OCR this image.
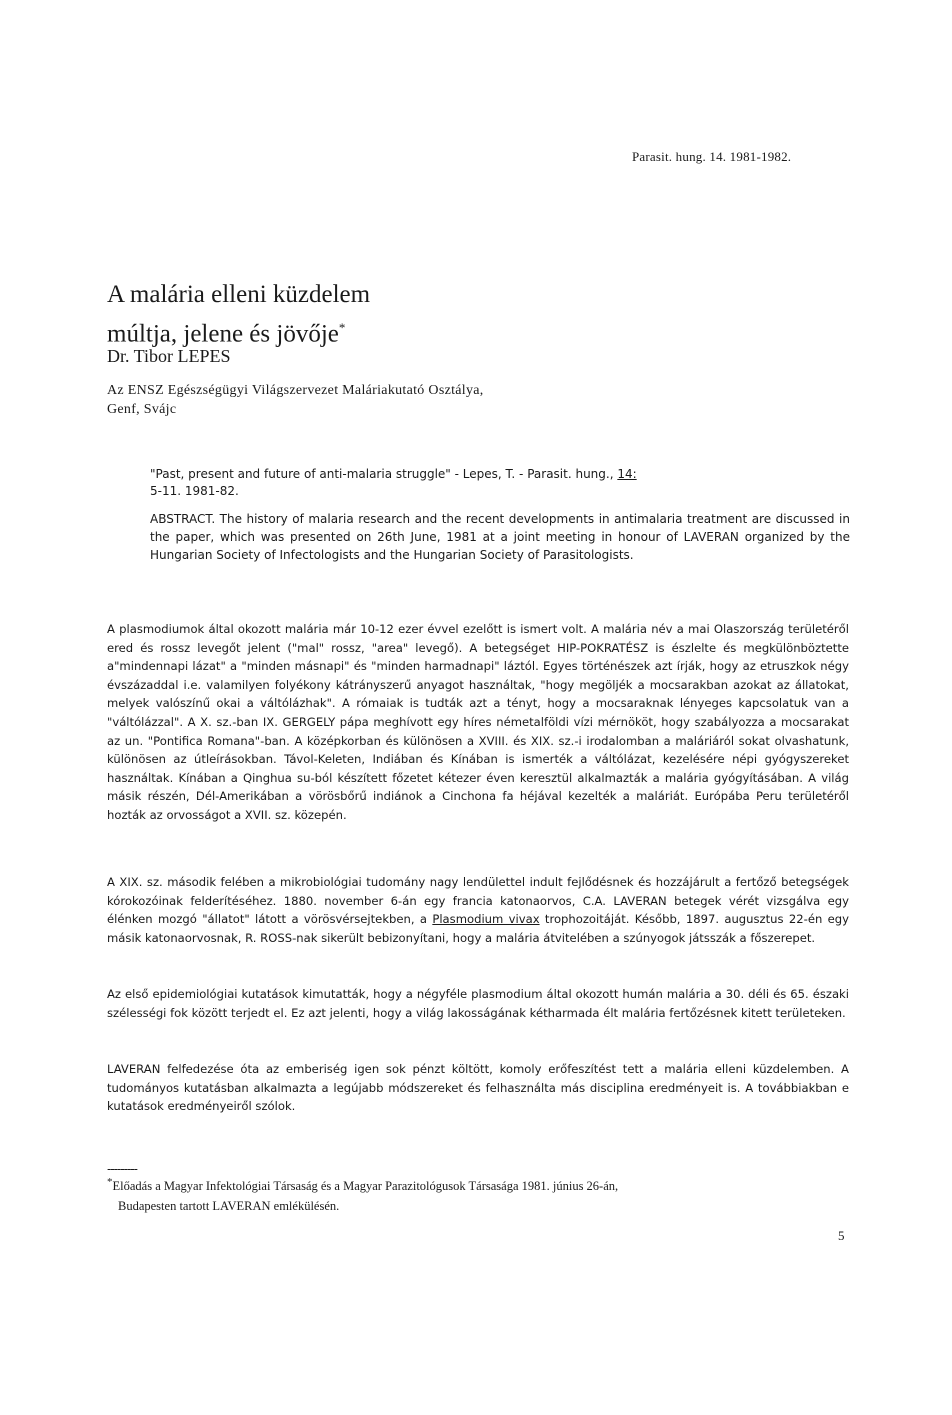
Parasit. hung. 14. 1981-1982.
A malária elleni küzdelem
múltja, jelene és jövője*
Dr. Tibor LEPES
Az ENSZ Egészségügyi Világszervezet Maláriakutató Osztálya,
Genf, Svájc
"Past, present and future of anti-malaria struggle" - Lepes, T. - Parasit. hung., 14:
5-11. 1981-82.
ABSTRACT. The history of malaria research and the recent developments in antimalaria treatment are discussed in the paper, which was presented on 26th June, 1981 at a joint meeting in honour of LAVERAN organized by the Hungarian Society of Infectologists and the Hungarian Society of Parasitologists.
A plasmodiumok által okozott malária már 10-12 ezer évvel ezelőtt is ismert volt. A malária név a mai Olaszország területéről ered és rossz levegőt jelent ("mal" rossz, "area" levegő). A betegséget HIP-POKRATÉSZ is észlelte és megkülönböztette a"mindennapi lázat" a "minden másnapi" és "minden harmadnapi" láztól. Egyes történészek azt írják, hogy az etruszkok négy évszázaddal i.e. valamilyen folyékony kátrányszerű anyagot használtak, "hogy megöljék a mocsarakban azokat az állatokat, melyek valószínű okai a váltólázhak". A rómaiak is tudták azt a tényt, hogy a mocsaraknak lényeges kapcsolatuk van a "váltólázzal". A X. sz.-ban IX. GERGELY pápa meghívott egy híres németalföldi vízi mérnököt, hogy szabályozza a mocsarakat az un. "Pontifica Romana"-ban. A középkorban és különösen a XVIII. és XIX. sz.-i irodalomban a maláriáról sokat olvashatunk, különösen az útleírásokban. Távol-Keleten, Indiában és Kínában is ismerték a váltólázat, kezelésére népi gyógyszereket használtak. Kínában a Qinghua su-ból készített főzetet kétezer éven keresztül alkalmazták a malária gyógyításában. A világ másik részén, Dél-Amerikában a vörösbőrű indiánok a Cinchona fa héjával kezelték a maláriát. Európába Peru területéről hozták az orvosságot a XVII. sz. közepén.
A XIX. sz. második felében a mikrobiológiai tudomány nagy lendülettel indult fejlődésnek és hozzájárult a fertőző betegségek kórokozóinak felderítéséhez. 1880. november 6-án egy francia katonaorvos, C.A. LAVERAN betegek vérét vizsgálva egy élénken mozgó "állatot" látott a vörösvérsejtekben, a Plasmodium vivax trophozoitáját. Később, 1897. augusztus 22-én egy másik katonaorvosnak, R. ROSS-nak sikerült bebizonyítani, hogy a malária átvitelében a szúnyogok játsszák a főszerepet.
Az első epidemiológiai kutatások kimutatták, hogy a négyféle plasmodium által okozott humán malária a 30. déli és 65. északi szélességi fok között terjedt el. Ez azt jelenti, hogy a világ lakosságának kétharmada élt malária fertőzésnek kitett területeken.
LAVERAN felfedezése óta az emberiség igen sok pénzt költött, komoly erőfeszítést tett a malária elleni küzdelemben. A tudományos kutatásban alkalmazta a legújabb módszereket és felhasználta más disciplina eredményeit is. A továbbiakban e kutatások eredményeiről szólok.
---------
*Előadás a Magyar Infektológiai Társaság és a Magyar Parazitológusok Társasága 1981. június 26-án,
Budapesten tartott LAVERAN emlékülésén.
5
